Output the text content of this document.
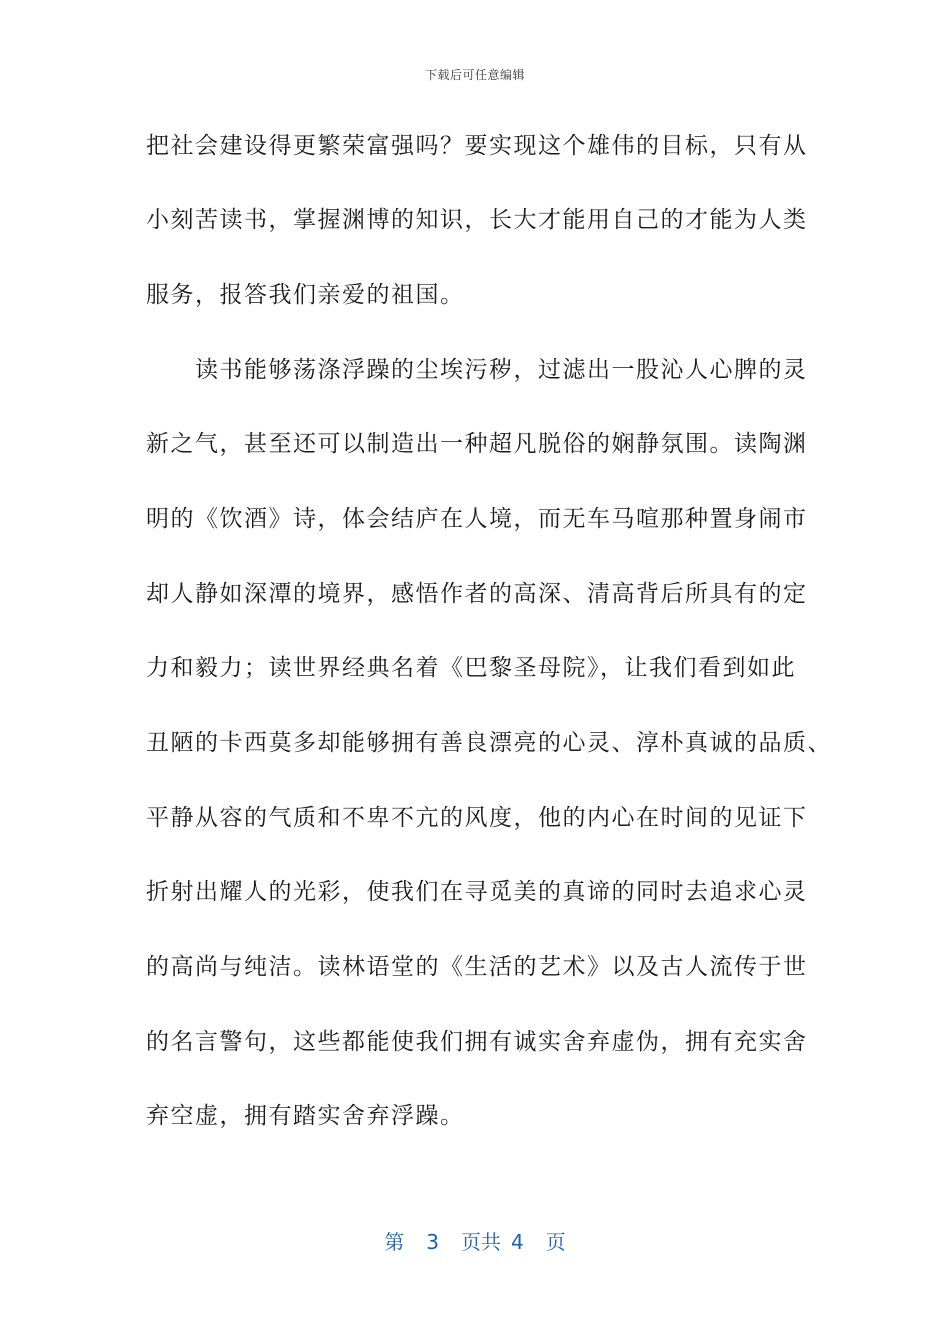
下载后可任意编辑
把社会建设得更繁荣富强吗？要实现这个雄伟的目标，只有从
小刻苦读书，掌握渊博的知识，长大才能用自己的才能为人类
服务，报答我们亲爱的祖国。
　　读书能够荡涤浮躁的尘埃污秽，过滤出一股沁人心脾的灵
新之气，甚至还可以制造出一种超凡脱俗的娴静氛围。读陶渊
明的《饮酒》诗，体会结庐在人境，而无车马喧那种置身闹市
却人静如深潭的境界，感悟作者的高深、清高背后所具有的定
力和毅力；读世界经典名着《巴黎圣母院》，让我们看到如此
丑陋的卡西莫多却能够拥有善良漂亮的心灵、淳朴真诚的品质、
平静从容的气质和不卑不亢的风度，他的内心在时间的见证下
折射出耀人的光彩，使我们在寻觅美的真谛的同时去追求心灵
的高尚与纯洁。读林语堂的《生活的艺术》以及古人流传于世
的名言警句，这些都能使我们拥有诚实舍弃虚伪，拥有充实舍
弃空虚，拥有踏实舍弃浮躁。
第 3 页共 4 页
